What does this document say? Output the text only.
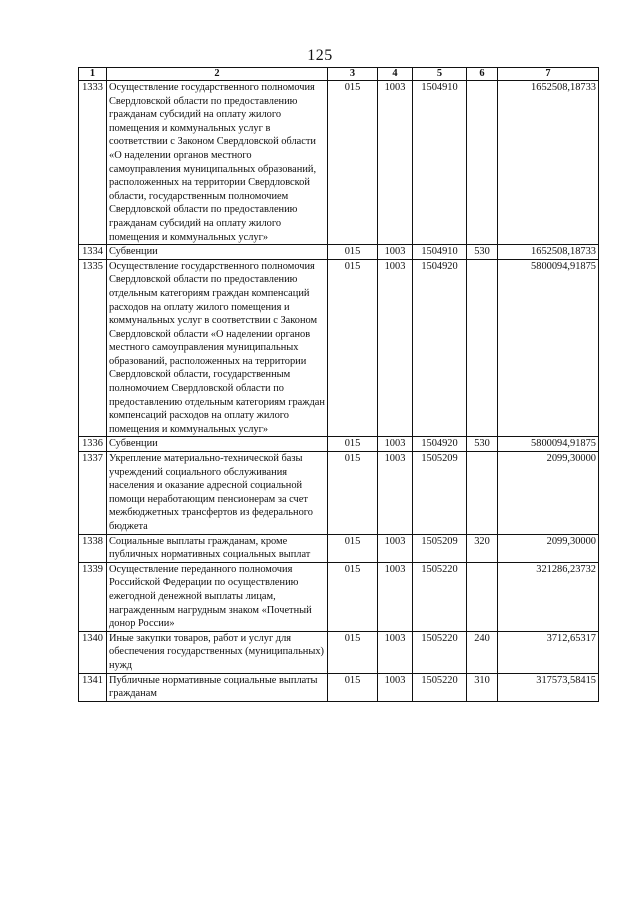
125
1	2	3	4	5	6	7
1333	Осуществление государственного полномочия Свердловской области по предоставлению гражданам субсидий на оплату жилого помещения и коммунальных услуг в соответствии с Законом Свердловской области «О наделении органов местного самоуправления муниципальных образований, расположенных на территории Свердловской области, государственным полномочием Свердловской области по предоставлению гражданам субсидий на оплату жилого помещения и коммунальных услуг»	015	1003	1504910		1652508,18733
1334	Субвенции	015	1003	1504910	530	1652508,18733
1335	Осуществление государственного полномочия Свердловской области по предоставлению отдельным категориям граждан компенсаций расходов на оплату жилого помещения и коммунальных услуг в соответствии с Законом Свердловской области «О наделении органов местного самоуправления муниципальных образований, расположенных на территории Свердловской области, государственным полномочием Свердловской области по предоставлению отдельным категориям граждан компенсаций расходов на оплату жилого помещения и коммунальных услуг»	015	1003	1504920		5800094,91875
1336	Субвенции	015	1003	1504920	530	5800094,91875
1337	Укрепление материально-технической базы учреждений социального обслуживания населения и оказание адресной социальной помощи неработающим пенсионерам за счет межбюджетных трансфертов из федерального бюджета	015	1003	1505209		2099,30000
1338	Социальные выплаты гражданам, кроме публичных нормативных социальных выплат	015	1003	1505209	320	2099,30000
1339	Осуществление переданного полномочия Российской Федерации по осуществлению ежегодной денежной выплаты лицам, награжденным нагрудным знаком «Почетный донор России»	015	1003	1505220		321286,23732
1340	Иные закупки товаров, работ и услуг для обеспечения государственных (муниципальных) нужд	015	1003	1505220	240	3712,65317
1341	Публичные нормативные социальные выплаты гражданам	015	1003	1505220	310	317573,58415
